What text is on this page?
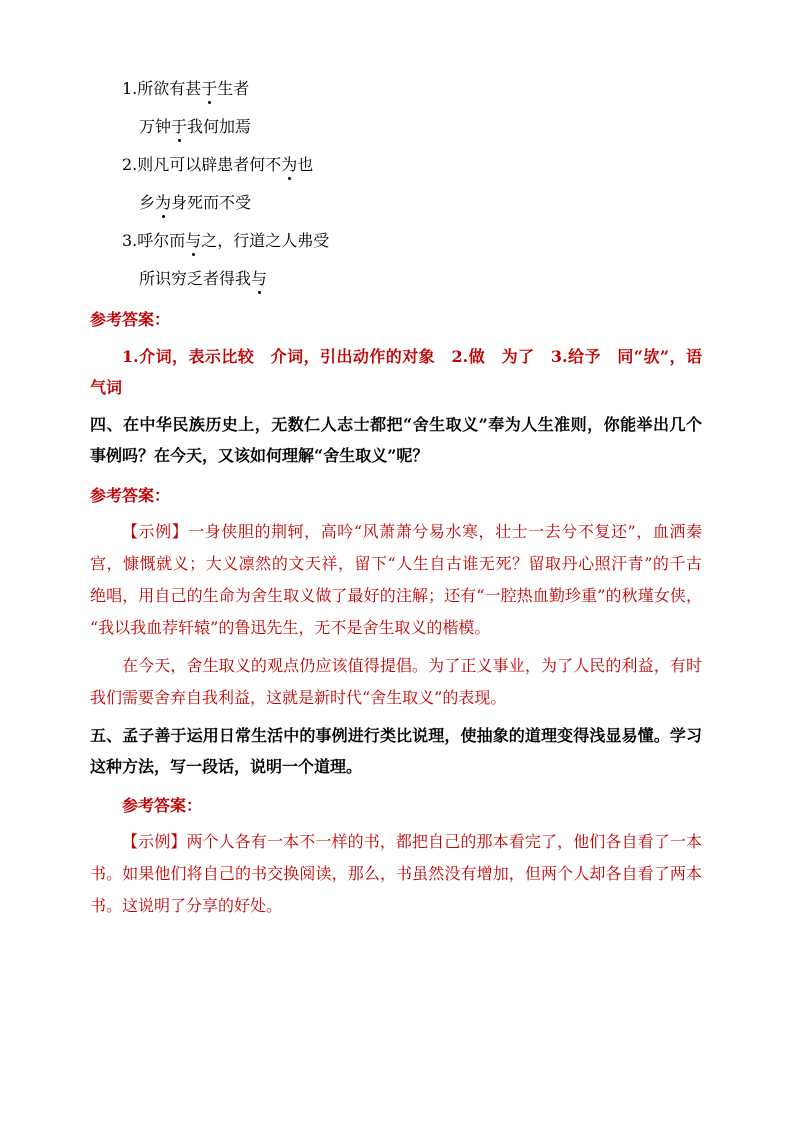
1.所欲有甚于生者
万钟于我何加焉
2.则凡可以辟患者何不为也
乡为身死而不受
3.呼尔而与之，行道之人弗受
所识穷乏者得我与
参考答案：
1.介词，表示比较　介词，引出动作的对象　2.做　为了　3.给予　同“欤”，语
气词
四、在中华民族历史上，无数仁人志士都把“舍生取义”奉为人生准则，你能举出几个
事例吗？在今天，又该如何理解“舍生取义”呢？
参考答案：
【示例】一身侠胆的荆轲，高吟“风萧萧兮易水寒，壮士一去兮不复还”，血洒秦
宫，慷慨就义；大义凛然的文天祥，留下“人生自古谁无死？留取丹心照汗青”的千古
绝唱，用自己的生命为舍生取义做了最好的注解；还有“一腔热血勤珍重”的秋瑾女侠，
“我以我血荐轩辕”的鲁迅先生，无不是舍生取义的楷模。
在今天，舍生取义的观点仍应该值得提倡。为了正义事业，为了人民的利益，有时
我们需要舍弃自我利益，这就是新时代“舍生取义”的表现。
五、孟子善于运用日常生活中的事例进行类比说理，使抽象的道理变得浅显易懂。学习
这种方法，写一段话，说明一个道理。
参考答案：
【示例】两个人各有一本不一样的书，都把自己的那本看完了，他们各自看了一本
书。如果他们将自己的书交换阅读，那么，书虽然没有增加，但两个人却各自看了两本
书。这说明了分享的好处。
